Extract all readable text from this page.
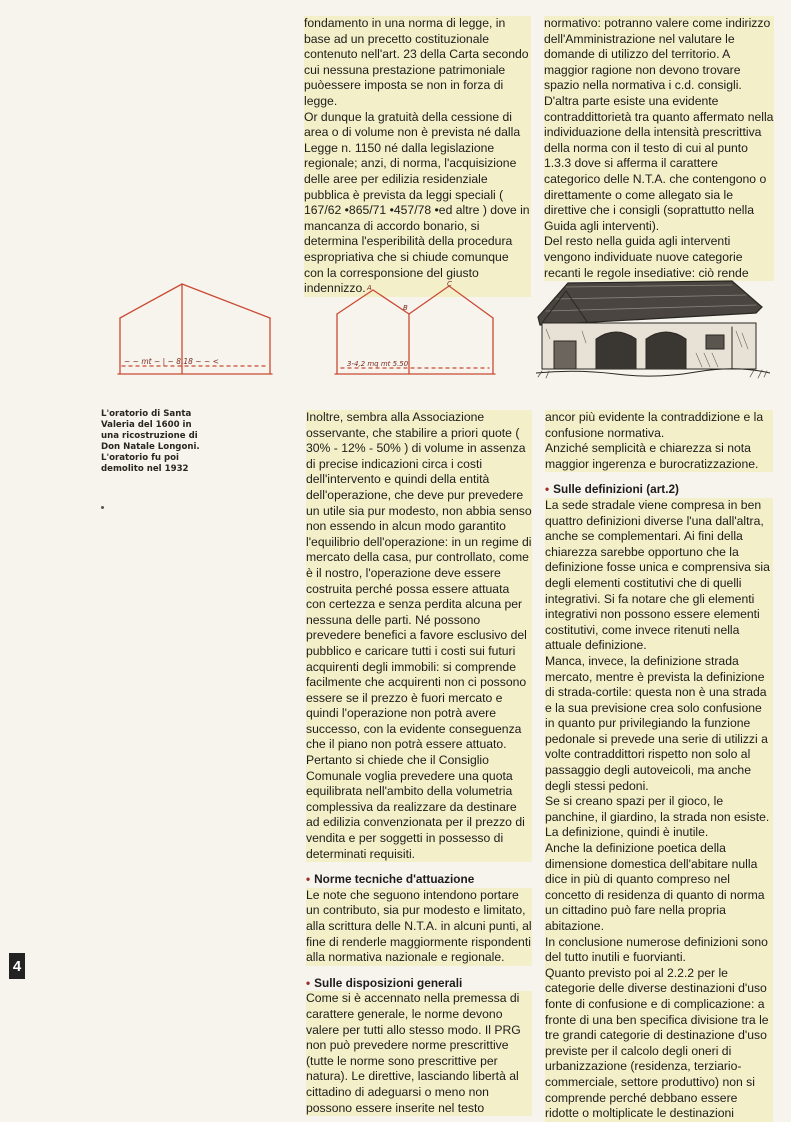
fondamento in una norma di legge, in base ad un precetto costituzionale contenuto nell'art. 23 della Carta secondo cui nessuna prestazione patrimoniale puòessere imposta se non in forza di legge.

Or dunque la gratuità della cessione di area o di volume non è prevista né dalla Legge n. 1150 né dalla legislazione regionale; anzi, di norma, l'acquisizione delle aree per edilizia residenziale pubblica è prevista da leggi speciali ( 167/62 •865/71 •457/78 •ed altre ) dove in mancanza di accordo bonario, si determina l'esperibilità della procedura espropriativa che si chiude comunque con la corresponsione del giusto indennizzo.

normativo: potranno valere come indirizzo dell'Amministrazione nel valutare le domande di utilizzo del territorio. A maggior ragione non devono trovare spazio nella normativa i c.d. consigli.

D'altra parte esiste una evidente contraddittorietà tra quanto affermato nella individuazione della intensità prescrittiva della norma con il testo di cui al punto 1.3.3 dove si afferma il carattere categorico delle N.T.A. che contengono o direttamente o come allegato sia le direttive che i consigli (soprattutto nella Guida agli interventi).

Del resto nella guida agli interventi vengono individuate nuove categorie recanti le regole insediative: ciò rende

~ ~ mt ~ | ~ 8.18 ~ ~ <
A
B
C
3-4,2 mq mt 5.50

L'oratorio di Santa

Valeria del 1600 in

una ricostruzione di

Don Natale Longoni.

L'oratorio fu poi

demolito nel 1932

Inoltre, sembra alla Associazione osservante, che stabilire a priori quote ( 30% - 12% - 50% ) di volume in assenza di precise indicazioni circa i costi dell'intervento e quindi della entità dell'operazione, che deve pur prevedere un utile sia pur modesto, non abbia senso non essendo in alcun modo garantito l'equilibrio dell'operazione: in un regime di mercato della casa, pur controllato, come è il nostro, l'operazione deve essere costruita perché possa essere attuata con certezza e senza perdita alcuna per nessuna delle parti. Né possono prevedere benefici a favore esclusivo del pubblico e caricare tutti i costi sui futuri acquirenti degli immobili: si comprende facilmente che acquirenti non ci possono essere se il prezzo è fuori mercato e quindi l'operazione non potrà avere successo, con la evidente conseguenza che il piano non potrà essere attuato.

Pertanto si chiede che il Consiglio Comunale voglia prevedere una quota equilibrata nell'ambito della volumetria complessiva da realizzare da destinare ad edilizia convenzionata per il prezzo di vendita e per soggetti in possesso di determinati requisiti.

• Norme tecniche d'attuazione

Le note che seguono intendono portare un contributo, sia pur modesto e limitato, alla scrittura delle N.T.A. in alcuni punti, al fine di renderle maggiormente rispondenti alla normativa nazionale e regionale.

• Sulle disposizioni generali

Come si è accennato nella premessa di carattere generale, le norme devono valere per tutti allo stesso modo. Il PRG non può prevedere norme prescrittive (tutte le norme sono prescrittive per natura). Le direttive, lasciando libertà al cittadino di adeguarsi o meno non possono essere inserite nel testo

ancor più evidente la contraddizione e la confusione normativa.

Anziché semplicità e chiarezza si nota maggior ingerenza e burocratizzazione.

• Sulle definizioni (art.2)

La sede stradale viene compresa in ben quattro definizioni diverse l'una dall'altra, anche se complementari. Ai fini della chiarezza sarebbe opportuno che la definizione fosse unica e comprensiva sia degli elementi costitutivi che di quelli integrativi. Si fa notare che gli elementi integrativi non possono essere elementi costitutivi, come invece ritenuti nella attuale definizione.

Manca, invece, la definizione strada mercato, mentre è prevista la definizione di strada-cortile: questa non è una strada e la sua previsione crea solo confusione in quanto pur privilegiando la funzione pedonale si prevede una serie di utilizzi a volte contraddittori rispetto non solo al passaggio degli autoveicoli, ma anche degli stessi pedoni.

Se si creano spazi per il gioco, le panchine, il giardino, la strada non esiste. La definizione, quindi è inutile.

Anche la definizione poetica della dimensione domestica dell'abitare nulla dice in più di quanto compreso nel concetto di residenza di quanto di norma un cittadino può fare nella propria abitazione.

In conclusione numerose definizioni sono del tutto inutili e fuorvianti.

Quanto previsto poi al 2.2.2 per le categorie delle diverse destinazioni d'uso fonte di confusione e di complicazione: a fronte di una ben specifica divisione tra le tre grandi categorie di destinazione d'uso previste per il calcolo degli oneri di urbanizzazione (residenza, terziario-commerciale, settore produttivo) non si comprende perché debbano essere ridotte o moltiplicate le destinazioni

4
